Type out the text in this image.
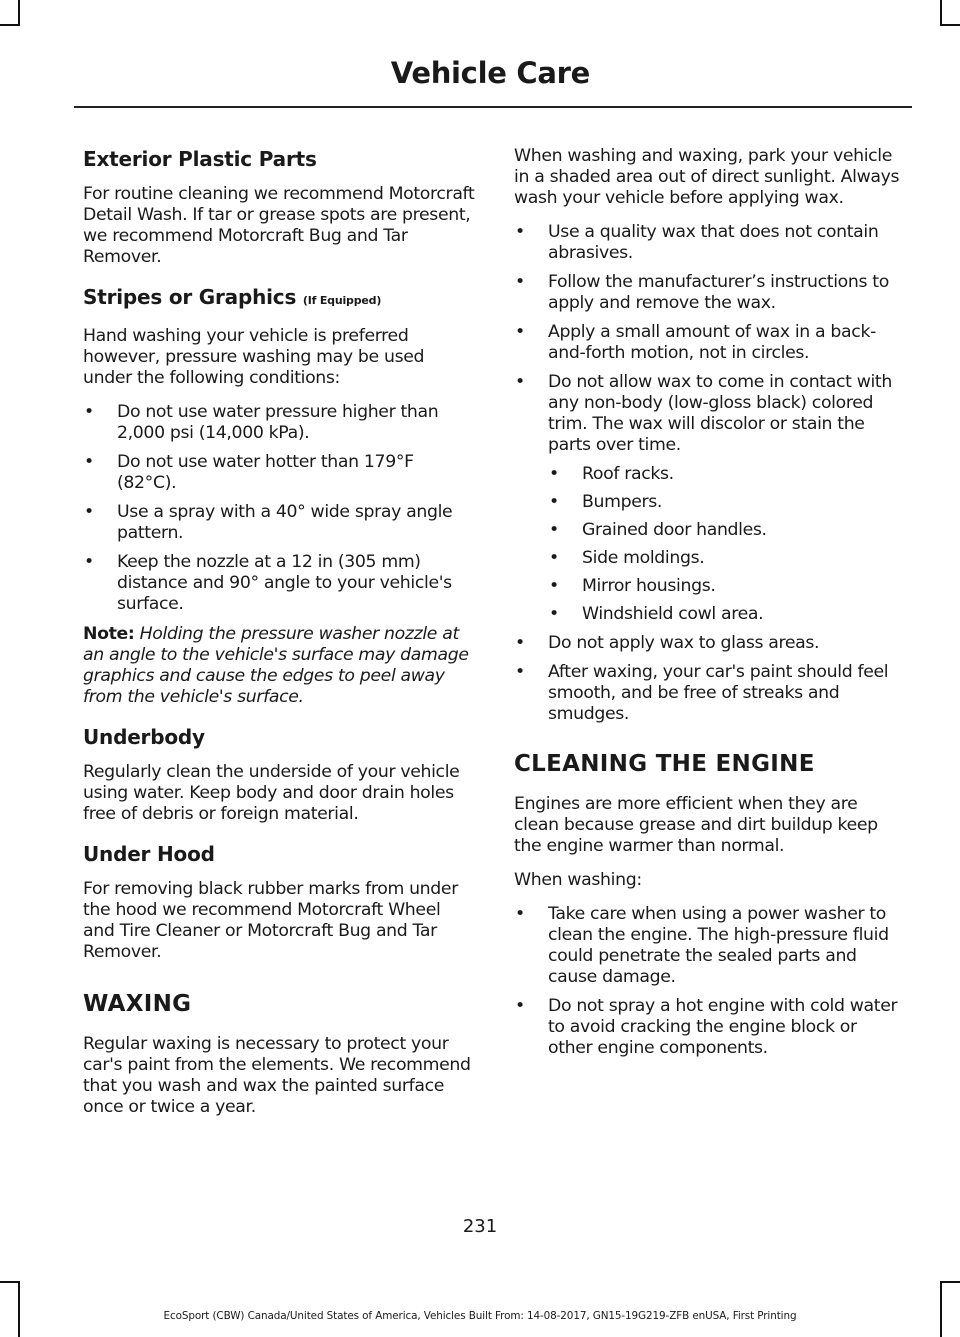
Vehicle Care
Exterior Plastic Parts

For routine cleaning we recommend Motorcraft Detail Wash. If tar or grease spots are present, we recommend Motorcraft Bug and Tar Remover.

Stripes or Graphics (If Equipped)

Hand washing your vehicle is preferred however, pressure washing may be used under the following conditions:

• Do not use water pressure higher than 2,000 psi (14,000 kPa).
• Do not use water hotter than 179°F (82°C).
• Use a spray with a 40° wide spray angle pattern.
• Keep the nozzle at a 12 in (305 mm) distance and 90° angle to your vehicle's surface.

Note: Holding the pressure washer nozzle at an angle to the vehicle's surface may damage graphics and cause the edges to peel away from the vehicle's surface.

Underbody

Regularly clean the underside of your vehicle using water. Keep body and door drain holes free of debris or foreign material.

Under Hood

For removing black rubber marks from under the hood we recommend Motorcraft Wheel and Tire Cleaner or Motorcraft Bug and Tar Remover.

WAXING

Regular waxing is necessary to protect your car's paint from the elements. We recommend that you wash and wax the painted surface once or twice a year.

When washing and waxing, park your vehicle in a shaded area out of direct sunlight. Always wash your vehicle before applying wax.

• Use a quality wax that does not contain abrasives.
• Follow the manufacturer’s instructions to apply and remove the wax.
• Apply a small amount of wax in a back-and-forth motion, not in circles.
• Do not allow wax to come in contact with any non-body (low-gloss black) colored trim. The wax will discolor or stain the parts over time.
• Roof racks.
• Bumpers.
• Grained door handles.
• Side moldings.
• Mirror housings.
• Windshield cowl area.
• Do not apply wax to glass areas.
• After waxing, your car's paint should feel smooth, and be free of streaks and smudges.
CLEANING THE ENGINE

Engines are more efficient when they are clean because grease and dirt buildup keep the engine warmer than normal.

When washing:

• Take care when using a power washer to clean the engine. The high-pressure fluid could penetrate the sealed parts and cause damage.
• Do not spray a hot engine with cold water to avoid cracking the engine block or other engine components.
231
EcoSport (CBW) Canada/United States of America, Vehicles Built From: 14-08-2017, GN15-19G219-ZFB enUSA, First Printing
